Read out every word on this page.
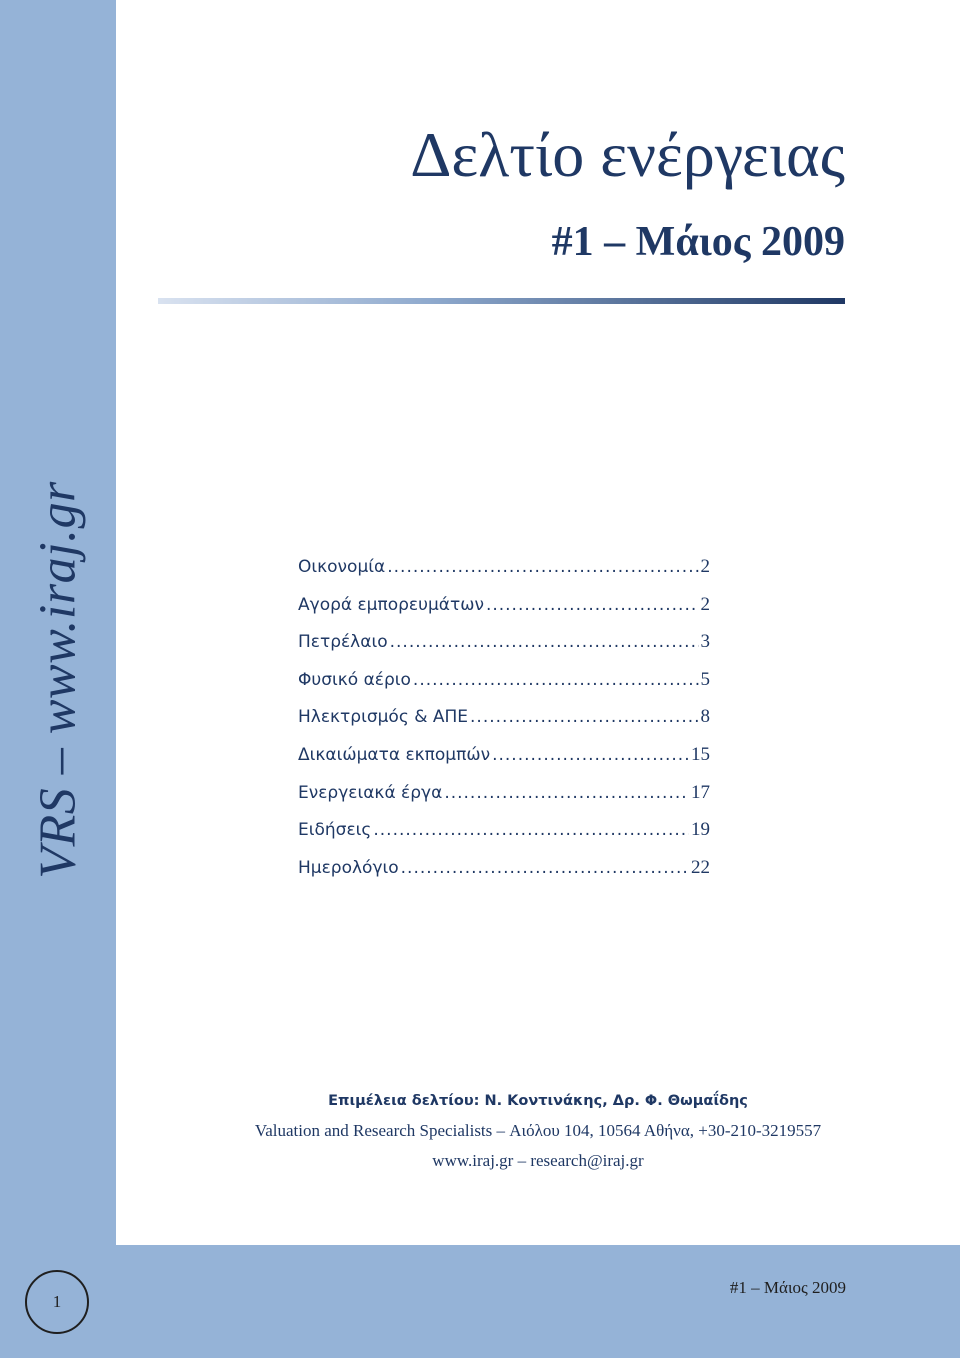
VRS – www.iraj.gr
Δελτίο ενέργειας
#1 – Μάιος 2009
Οικονομία .....	2
Αγορά εμπορευμάτων .....	2
Πετρέλαιο .....	3
Φυσικό αέριο .....	5
Ηλεκτρισμός & ΑΠΕ .....	8
Δικαιώματα εκπομπών .....	15
Ενεργειακά έργα .....	17
Ειδήσεις .....	19
Ημερολόγιο .....	22
Επιμέλεια δελτίου: Ν. Κοντινάκης, Δρ. Φ. Θωμαΐδης
Valuation and Research Specialists – Αιόλου 104, 10564 Αθήνα, +30-210-3219557
www.iraj.gr – research@iraj.gr
1
#1 – Μάιος 2009
